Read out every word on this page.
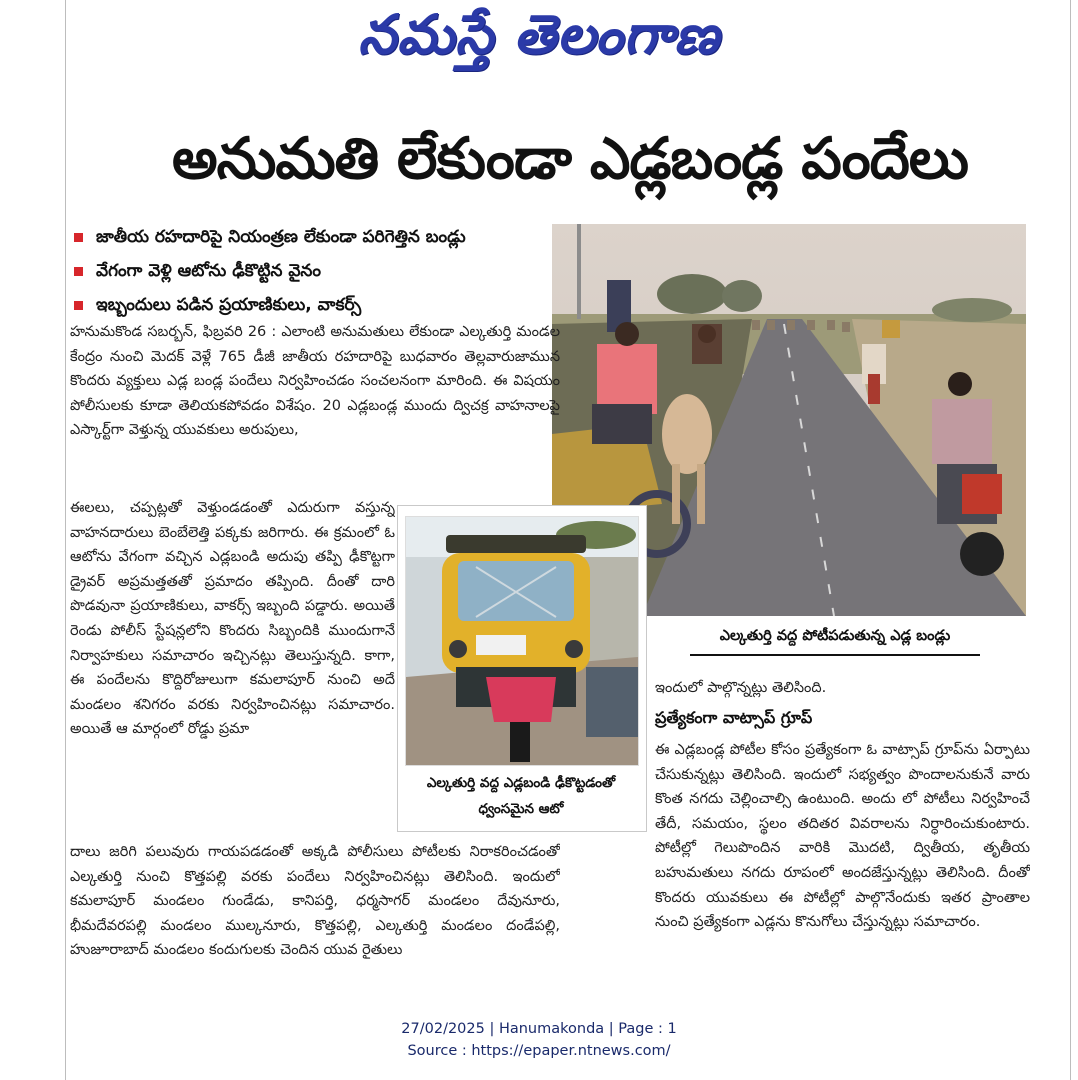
నమస్తే తెలంగాణ
అనుమతి లేకుండా ఎడ్లబండ్ల పందేలు
జాతీయ రహదారిపై నియంత్రణ లేకుండా పరిగెత్తిన బండ్లు
వేగంగా వెళ్లి ఆటోను ఢీకొట్టిన వైనం
ఇబ్బందులు పడిన ప్రయాణికులు, వాకర్స్
ఎల్కతుర్తి వద్ద పోటీపడుతున్న ఎడ్ల బండ్లు
హనుమకొండ సబర్బన్, ఫిబ్రవరి 26 : ఎలాంటి అనుమతులు లేకుండా ఎల్కతుర్తి మండల కేంద్రం నుంచి మెదక్ వెళ్లే 765 డీజీ జాతీయ రహదారిపై బుధవారం తెల్లవారుజామున కొందరు వ్యక్తులు ఎడ్ల బండ్ల పందేలు నిర్వహించడం సంచలనంగా మారింది. ఈ విషయం పోలీసులకు కూడా తెలియకపోవడం విశేషం. 20 ఎడ్లబండ్ల ముందు ద్విచక్ర వాహనాలపై ఎస్కార్ట్‌గా వెళ్తున్న యువకులు అరుపులు,
ఎల్కతుర్తి వద్ద ఎడ్లబండి ఢీకొట్టడంతో ధ్వంసమైన ఆటో
ఈలలు, చప్పట్లతో వెళ్తుండడంతో ఎదురుగా వస్తున్న వాహనదారులు బెంబేలెత్తి పక్కకు జరిగారు. ఈ క్రమంలో ఓ ఆటోను వేగంగా వచ్చిన ఎడ్లబండి అదుపు తప్పి ఢీకొట్టగా డ్రైవర్ అప్రమత్తతతో ప్రమాదం తప్పింది. దీంతో దారి పొడవునా ప్రయాణికులు, వాకర్స్ ఇబ్బంది పడ్డారు. అయితే రెండు పోలీస్ స్టేషన్లలోని కొందరు సిబ్బందికి ముందుగానే నిర్వాహకులు సమాచారం ఇచ్చినట్లు తెలుస్తున్నది. కాగా, ఈ పందేలను కొద్దిరోజులుగా కమలాపూర్ నుంచి అదే మండలం శనిగరం వరకు నిర్వహించినట్లు సమాచారం. అయితే ఆ మార్గంలో రోడ్డు ప్రమా
దాలు జరిగి పలువురు గాయపడడంతో అక్కడి పోలీసులు పోటీలకు నిరాకరించడంతో ఎల్కతుర్తి నుంచి కొత్తపల్లి వరకు పందేలు నిర్వహించినట్లు తెలిసింది. ఇందులో కమలాపూర్ మండలం గుండేడు, కానిపర్తి, ధర్మసాగర్ మండలం దేవునూరు, భీమదేవరపల్లి మండలం ముల్కనూరు, కొత్తపల్లి, ఎల్కతుర్తి మండలం దండేపల్లి, హుజూరాబాద్ మండలం కందుగులకు చెందిన యువ రైతులు
ఇందులో పాల్గొన్నట్లు తెలిసింది.
ప్రత్యేకంగా వాట్సాప్ గ్రూప్
ఈ ఎడ్లబండ్ల పోటీల కోసం ప్రత్యేకంగా ఓ వాట్సాప్ గ్రూప్‌ను ఏర్పాటు చేసుకున్నట్లు తెలిసింది. ఇందులో సభ్యత్వం పొందాలనుకునే వారు కొంత నగదు చెల్లించాల్సి ఉంటుంది. అందు లో పోటీలు నిర్వహించే తేదీ, సమయం, స్థలం తదితర వివరాలను నిర్ధారించుకుంటారు. పోటీల్లో గెలుపొందిన వారికి మొదటి, ద్వితీయ, తృతీయ బహుమతులు నగదు రూపంలో అందజేస్తున్నట్లు తెలిసింది. దీంతో కొందరు యువకులు ఈ పోటీల్లో పాల్గొనేందుకు ఇతర ప్రాంతాల నుంచి ప్రత్యేకంగా ఎడ్లను కొనుగోలు చేస్తున్నట్లు సమాచారం.
27/02/2025 | Hanumakonda | Page : 1
Source : https://epaper.ntnews.com/
